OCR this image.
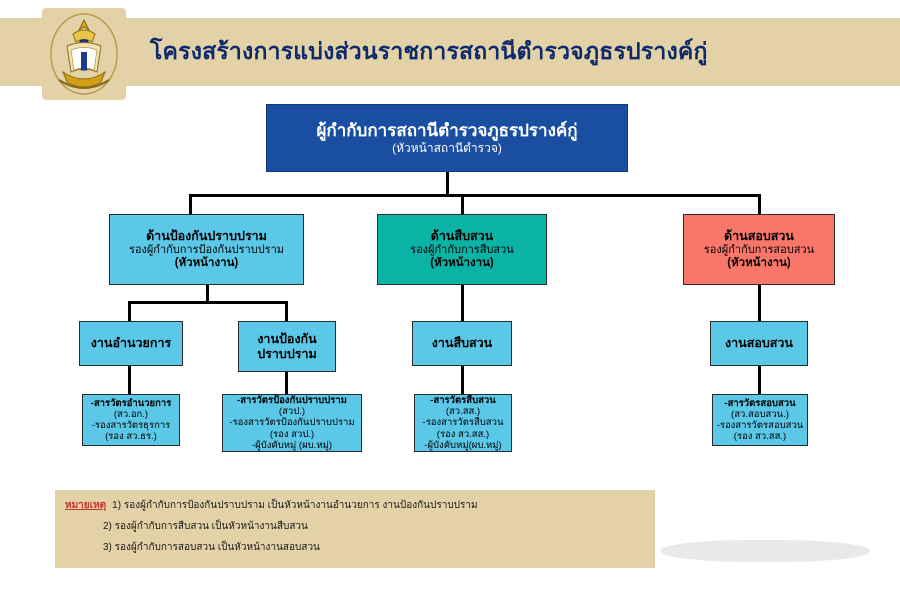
โครงสร้างการแบ่งส่วนราชการสถานีตำรวจภูธรปรางค์กู่
ผู้กำกับการสถานีตำรวจภูธรปรางค์กู่
(หัวหน้าสถานีตำรวจ)
ด้านป้องกันปราบปราม
รองผู้กำกับการป้องกันปราบปราม
(หัวหน้างาน)
ด้านสืบสวน
รองผู้กำกับการสืบสวน
(หัวหน้างาน)
ด้านสอบสวน
รองผู้กำกับการสอบสวน
(หัวหน้างาน)
งานอำนวยการ	งานป้องกัน
ปราบปราม
งานสืบสวน	งานสอบสวน
-สารวัตรอำนวยการ
(สว.อก.)
-รองสารวัตรธุรการ
(รอง สว.ธร.)
-สารวัตรป้องกันปราบปราม
(สวป.)
-รองสารวัตรป้องกันปราบปราม
(รอง สวป.)
-ผู้บังคับหมู่ (ผบ.หมู่)
-สารวัตรสืบสวน
(สว.สส.)
-รองสารวัตรสืบสวน
(รอง สว.สส.)
-ผู้บังคับหมู่(ผบ.หมู่)
-สารวัตรสอบสวน
(สว.สอบสวน.)
-รองสารวัตรสอบสวน
(รอง สว.สส.)
หมายเหตุ 1) รองผู้กำกับการป้องกันปราบปราม เป็นหัวหน้างานอำนวยการ งานป้องกันปราบปราม
2) รองผู้กำกับการสืบสวน เป็นหัวหน้างานสืบสวน
3) รองผู้กำกับการสอบสวน เป็นหัวหน้างานสอบสวน
